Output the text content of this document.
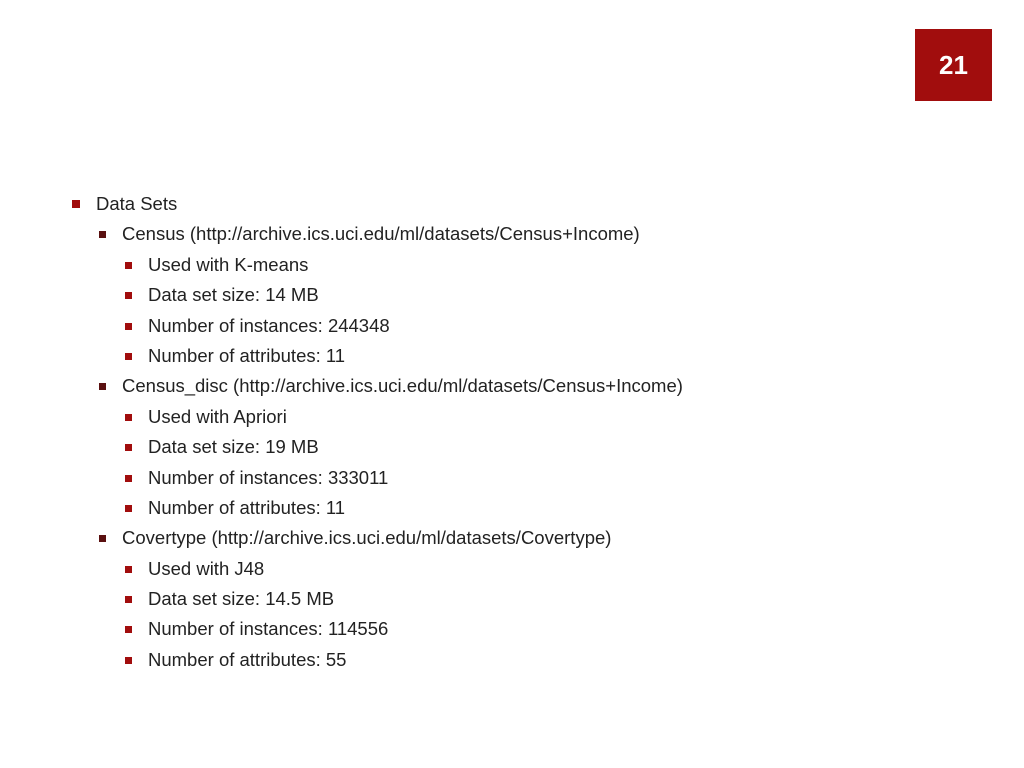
21
Data Sets
Census (http://archive.ics.uci.edu/ml/datasets/Census+Income)
Used with K-means
Data set size: 14 MB
Number of instances: 244348
Number of attributes: 11
Census_disc (http://archive.ics.uci.edu/ml/datasets/Census+Income)
Used with Apriori
Data set size: 19 MB
Number of instances: 333011
Number of attributes: 11
Covertype (http://archive.ics.uci.edu/ml/datasets/Covertype)
Used with J48
Data set size: 14.5 MB
Number of instances: 114556
Number of attributes: 55
